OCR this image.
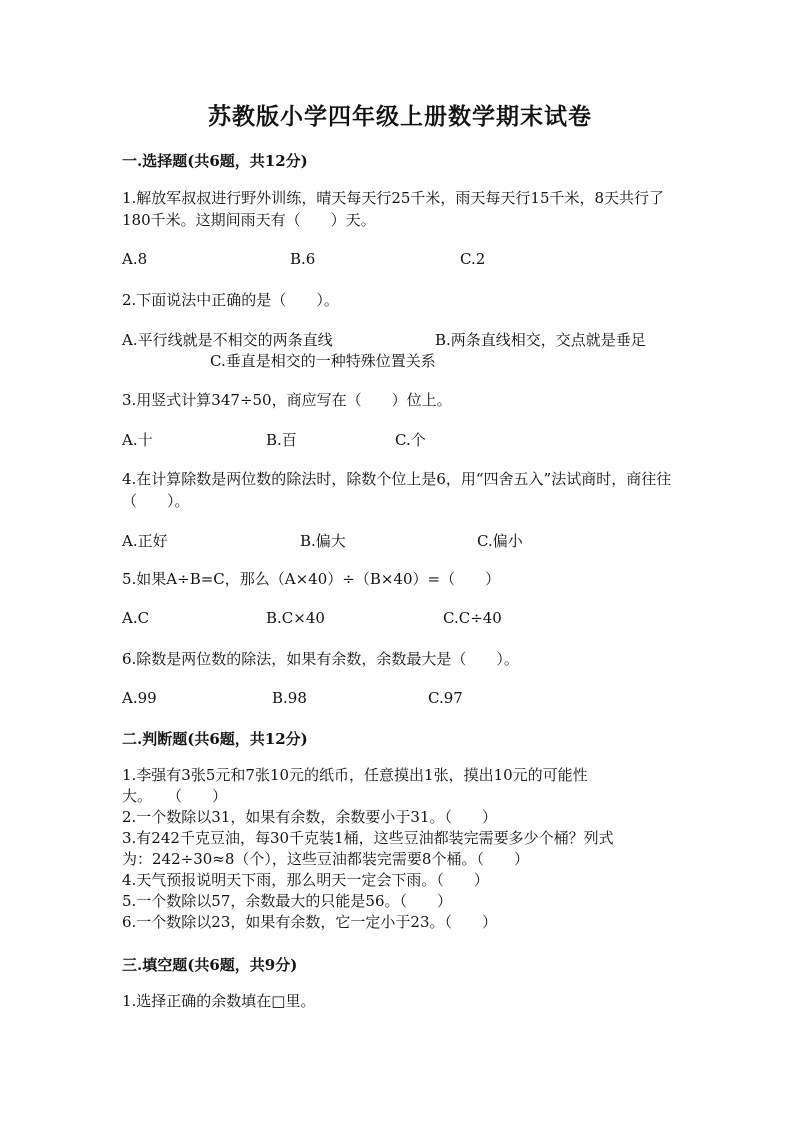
苏教版小学四年级上册数学期末试卷
一.选择题(共6题，共12分)
1.解放军叔叔进行野外训练，晴天每天行25千米，雨天每天行15千米，8天共行了180千米。这期间雨天有（　　）天。
A.8	B.6	C.2
2.下面说法中正确的是（　　）。
A.平行线就是不相交的两条直线	B.两条直线相交，交点就是垂足
C.垂直是相交的一种特殊位置关系
3.用竖式计算347÷50，商应写在（　　）位上。
A.十	B.百	C.个
4.在计算除数是两位数的除法时，除数个位上是6，用“四舍五入”法试商时，商往往（　　）。
A.正好	B.偏大	C.偏小
5.如果A÷B=C，那么（A×40）÷（B×40）=（　　）
A.C	B.C×40	C.C÷40
6.除数是两位数的除法，如果有余数，余数最大是（　　）。
A.99	B.98	C.97
二.判断题(共6题，共12分)
1.李强有3张5元和7张10元的纸币，任意摸出1张，摸出10元的可能性
大。　　（　　）
2.一个数除以31，如果有余数，余数要小于31。（　　）
3.有242千克豆油，每30千克装1桶，这些豆油都装完需要多少个桶？列式
为：242÷30≈8（个），这些豆油都装完需要8个桶。（　　）
4.天气预报说明天下雨，那么明天一定会下雨。（　　）
5.一个数除以57，余数最大的只能是56。（　　）
6.一个数除以23，如果有余数，它一定小于23。（　　）
三.填空题(共6题，共9分)
1.选择正确的余数填在□里。
